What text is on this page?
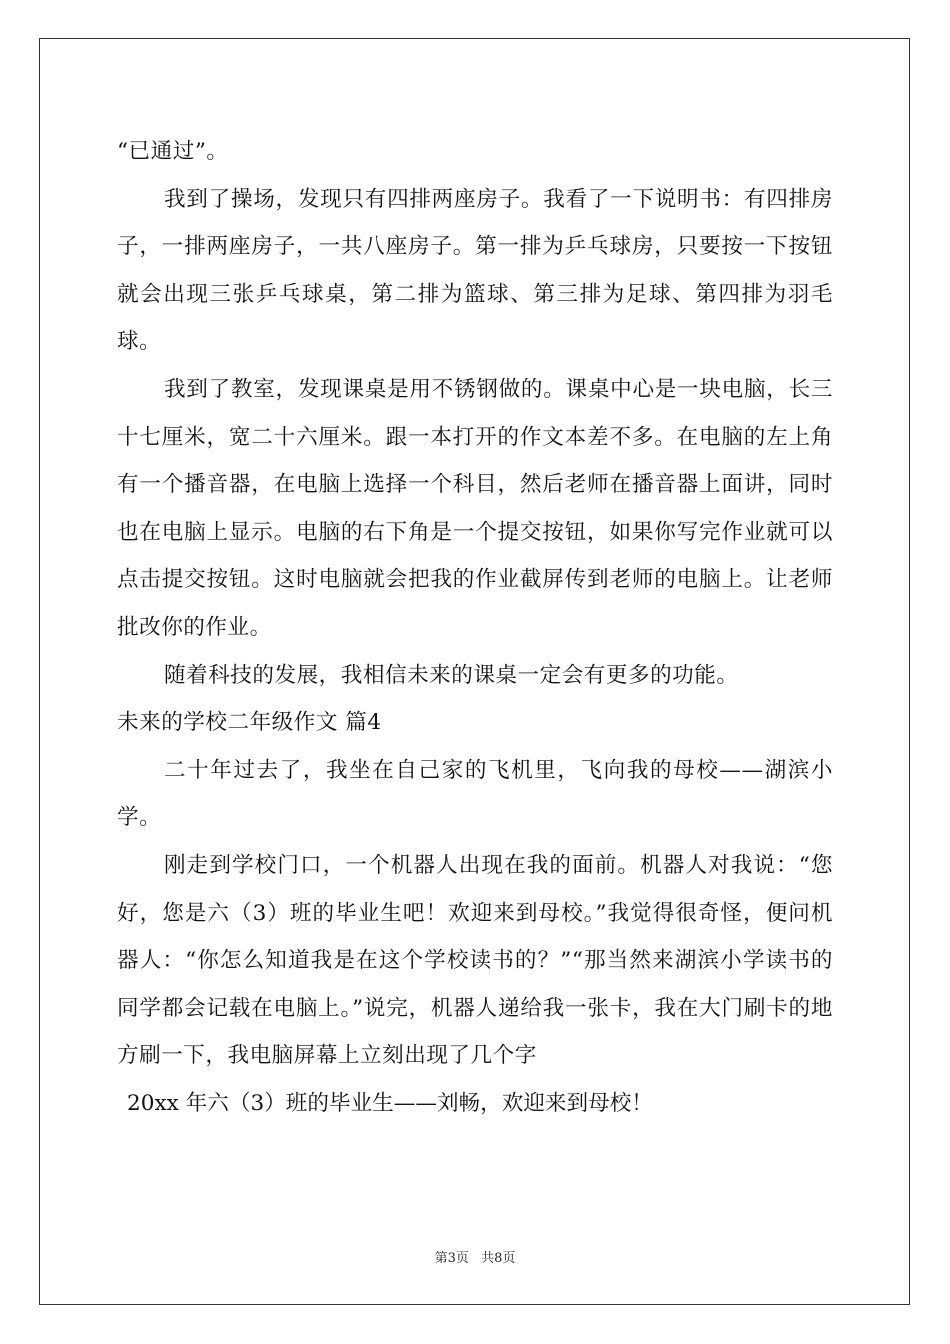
“已通过”。

我到了操场，发现只有四排两座房子。我看了一下说明书：有四排房子，一排两座房子，一共八座房子。第一排为乒乓球房，只要按一下按钮就会出现三张乒乓球桌，第二排为篮球、第三排为足球、第四排为羽毛球。

我到了教室，发现课桌是用不锈钢做的。课桌中心是一块电脑，长三十七厘米，宽二十六厘米。跟一本打开的作文本差不多。在电脑的左上角有一个播音器，在电脑上选择一个科目，然后老师在播音器上面讲，同时也在电脑上显示。电脑的右下角是一个提交按钮，如果你写完作业就可以点击提交按钮。这时电脑就会把我的作业截屏传到老师的电脑上。让老师批改你的作业。

随着科技的发展，我相信未来的课桌一定会有更多的功能。

未来的学校二年级作文 篇4

二十年过去了，我坐在自己家的飞机里，飞向我的母校——湖滨小学。

刚走到学校门口，一个机器人出现在我的面前。机器人对我说：“您好，您是六（3）班的毕业生吧！欢迎来到母校。”我觉得很奇怪，便问机器人：“你怎么知道我是在这个学校读书的？”“那当然来湖滨小学读书的同学都会记载在电脑上。”说完，机器人递给我一张卡，我在大门刷卡的地方刷一下，我电脑屏幕上立刻出现了几个字

20xx 年六（3）班的毕业生——刘畅，欢迎来到母校！

第3页 共8页
